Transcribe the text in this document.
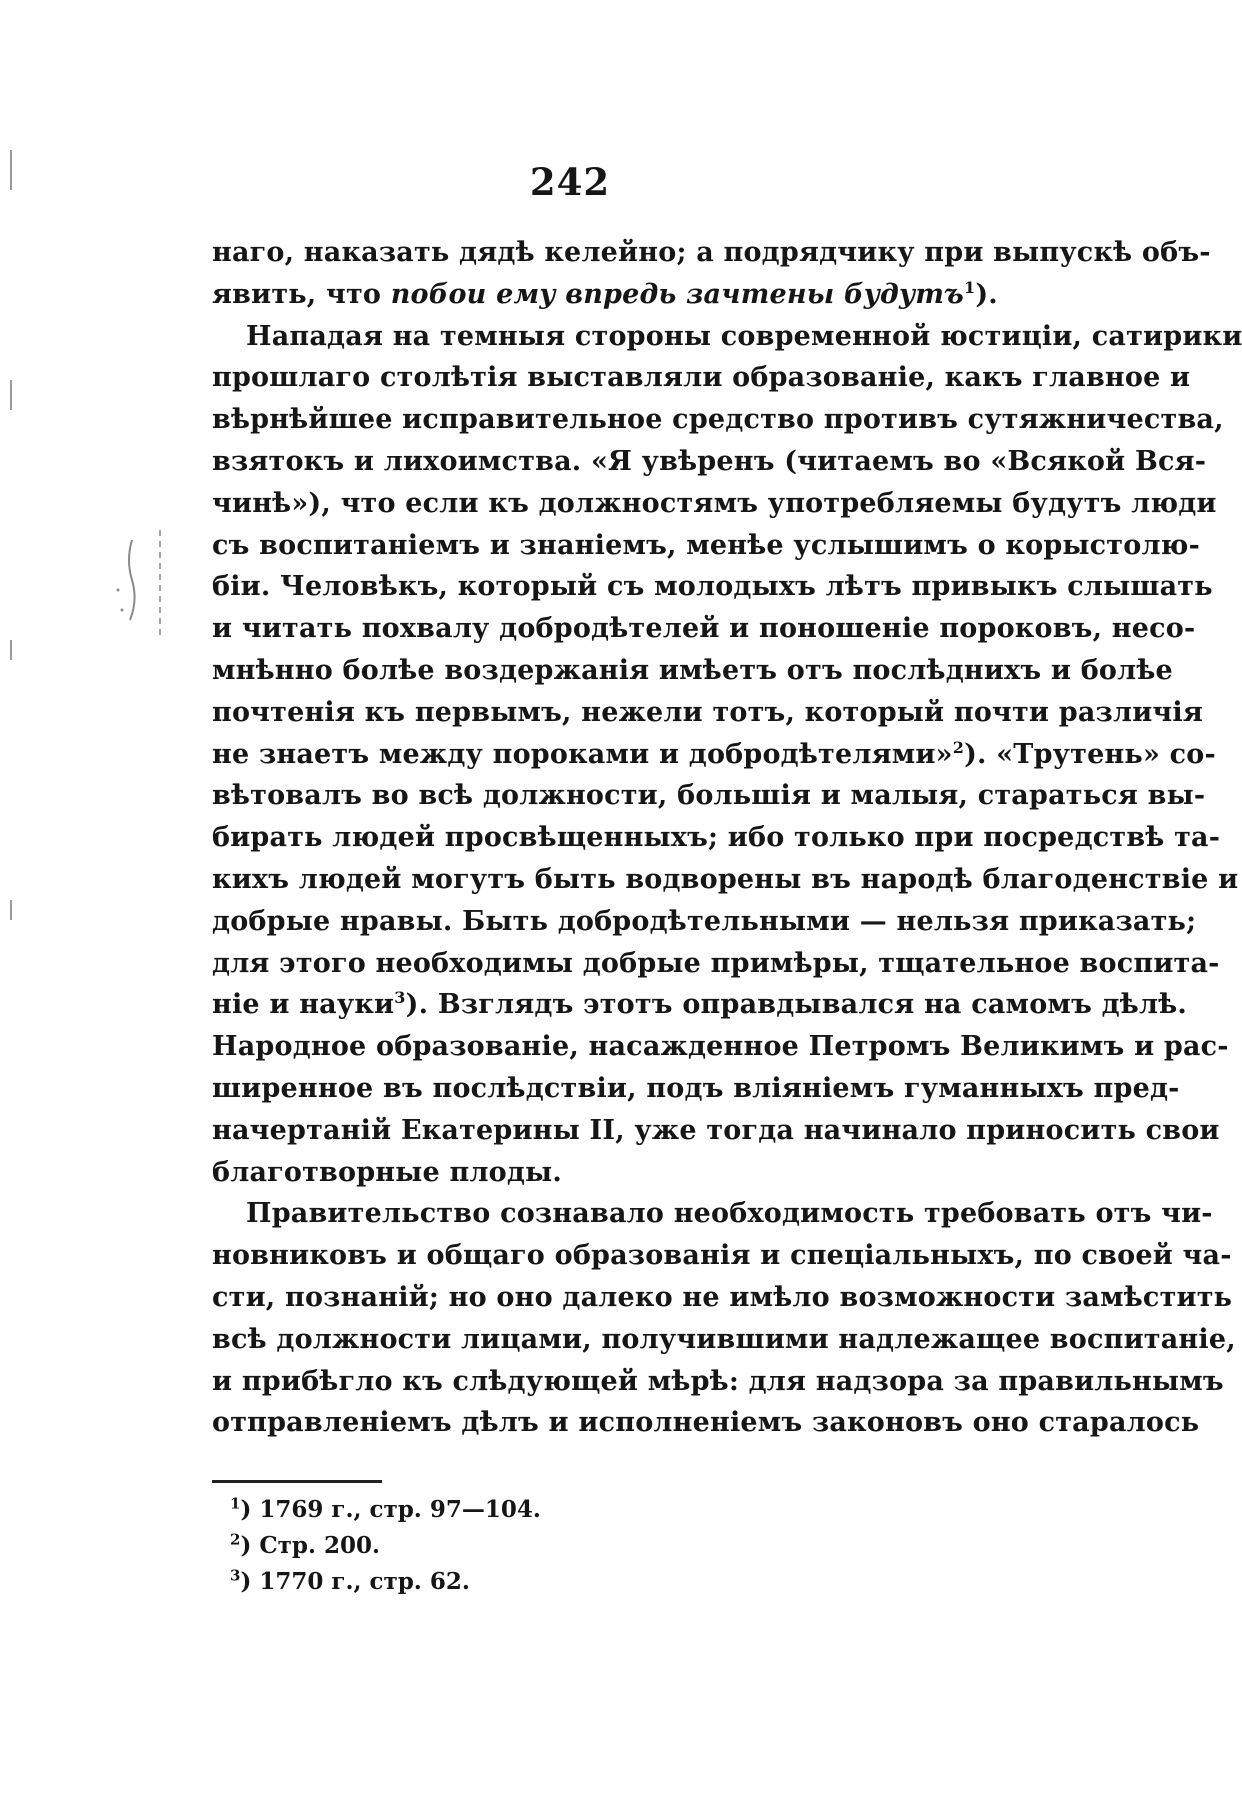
242
наго, наказать дядѣ келейно; а подрядчику при выпускѣ объ-
явить, что побои ему впредь зачтены будутъ$^1$).
Нападая на темныя стороны современной юстиціи, сатирики
прошлаго столѣтія выставляли образованіе, какъ главное и
вѣрнѣйшее исправительное средство противъ сутяжничества,
взятокъ и лихоимства. «Я увѣренъ (читаемъ во «Всякой Вся-
чинѣ»), что если къ должностямъ употребляемы будутъ люди
съ воспитаніемъ и знаніемъ, менѣе услышимъ о корыстолю-
біи. Человѣкъ, который съ молодыхъ лѣтъ привыкъ слышать
и читать похвалу добродѣтелей и поношеніе пороковъ, несо-
мнѣнно болѣе воздержанія имѣетъ отъ послѣднихъ и болѣе
почтенія къ первымъ, нежели тотъ, который почти различія
не знаетъ между пороками и добродѣтелями»$^2$). «Трутень» со-
вѣтовалъ во всѣ должности, большія и малыя, стараться вы-
бирать людей просвѣщенныхъ; ибо только при посредствѣ та-
кихъ людей могутъ быть водворены въ народѣ благоденствіе и
добрые нравы. Быть добродѣтельными — нельзя приказать;
для этого необходимы добрые примѣры, тщательное воспита-
ніе и науки$^3$). Взглядъ этотъ оправдывался на самомъ дѣлѣ.
Народное образованіе, насажденное Петромъ Великимъ и рас-
ширенное въ послѣдствіи, подъ вліяніемъ гуманныхъ пред-
начертаній Екатерины II, уже тогда начинало приносить свои
благотворные плоды.
Правительство сознавало необходимость требовать отъ чи-
новниковъ и общаго образованія и спеціальныхъ, по своей ча-
сти, познаній; но оно далеко не имѣло возможности замѣстить
всѣ должности лицами, получившими надлежащее воспитаніе,
и прибѣгло къ слѣдующей мѣрѣ: для надзора за правильнымъ
отправленіемъ дѣлъ и исполненіемъ законовъ оно старалось
$^1$) 1769 г., стр. 97—104.
$^2$) Стр. 200.
$^3$) 1770 г., стр. 62.
